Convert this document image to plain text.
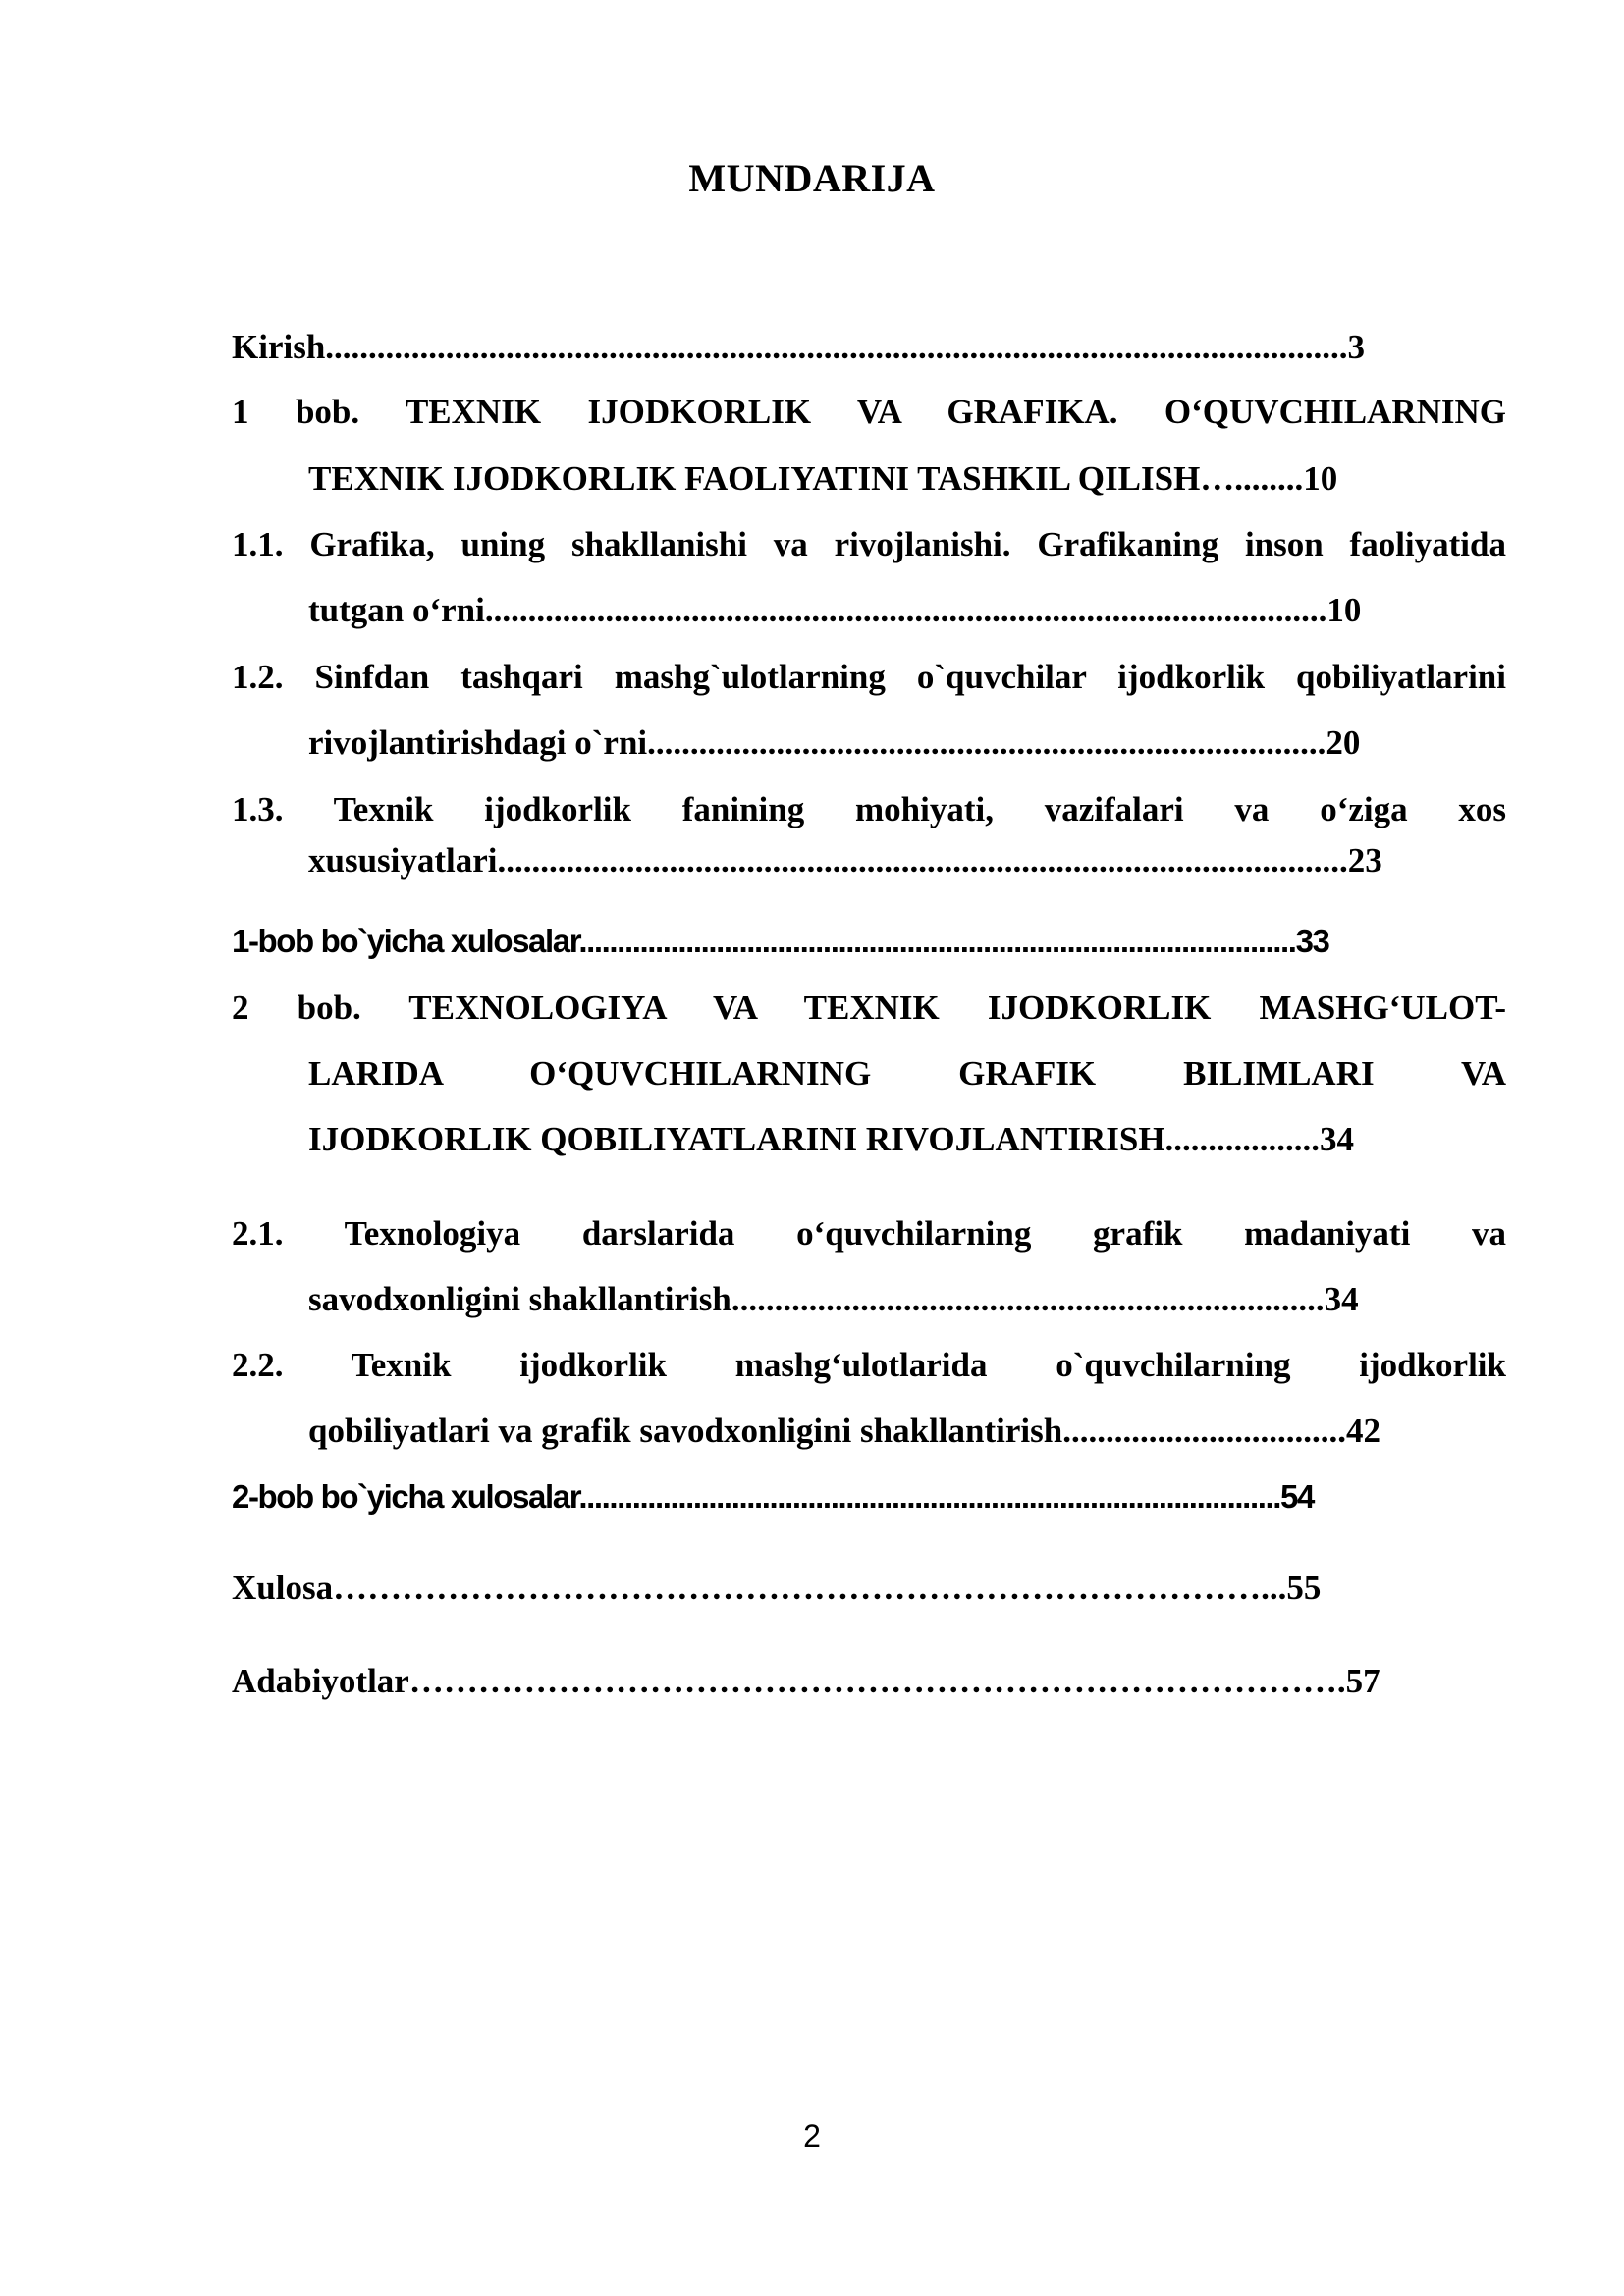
MUNDARIJA
Kirish.......................................................................................................................3
1 bob. TEXNIK IJODKORLIK VA GRAFIKA. O‘QUVCHILARNING
TEXNIK IJODKORLIK FAOLIYATINI TASHKIL QILISH…........10
1.1. Grafika, uning shakllanishi va rivojlanishi. Grafikaning inson faoliyatida
tutgan o‘rni..................................................................................................10
1.2. Sinfdan tashqari mashg`ulotlarning o`quvchilar ijodkorlik qobiliyatlarini
rivojlantirishdagi o`rni...............................................................................20
1.3. Texnik ijodkorlik fanining mohiyati, vazifalari va o‘ziga xos
xususiyatlari...................................................................................................23
1-bob bo`yicha xulosalar..............................................................................................33
2 bob. TEXNOLOGIYA VA TEXNIK IJODKORLIK MASHG‘ULOT-
LARIDA O‘QUVCHILARNING GRAFIK BILIMLARI VA
IJODKORLIK QOBILIYATLARINI RIVOJLANTIRISH..................34
2.1. Texnologiya darslarida o‘quvchilarning grafik madaniyati va
savodxonligini shakllantirish.....................................................................34
2.2. Texnik ijodkorlik mashg‘ulotlarida o`quvchilarning ijodkorlik
qobiliyatlari va grafik savodxonligini shakllantirish.................................42
2-bob bo`yicha xulosalar............................................................................................54
Xulosa………………………………………………………………………...55
Adabiyotlar……………………………………………………………………….57
2
